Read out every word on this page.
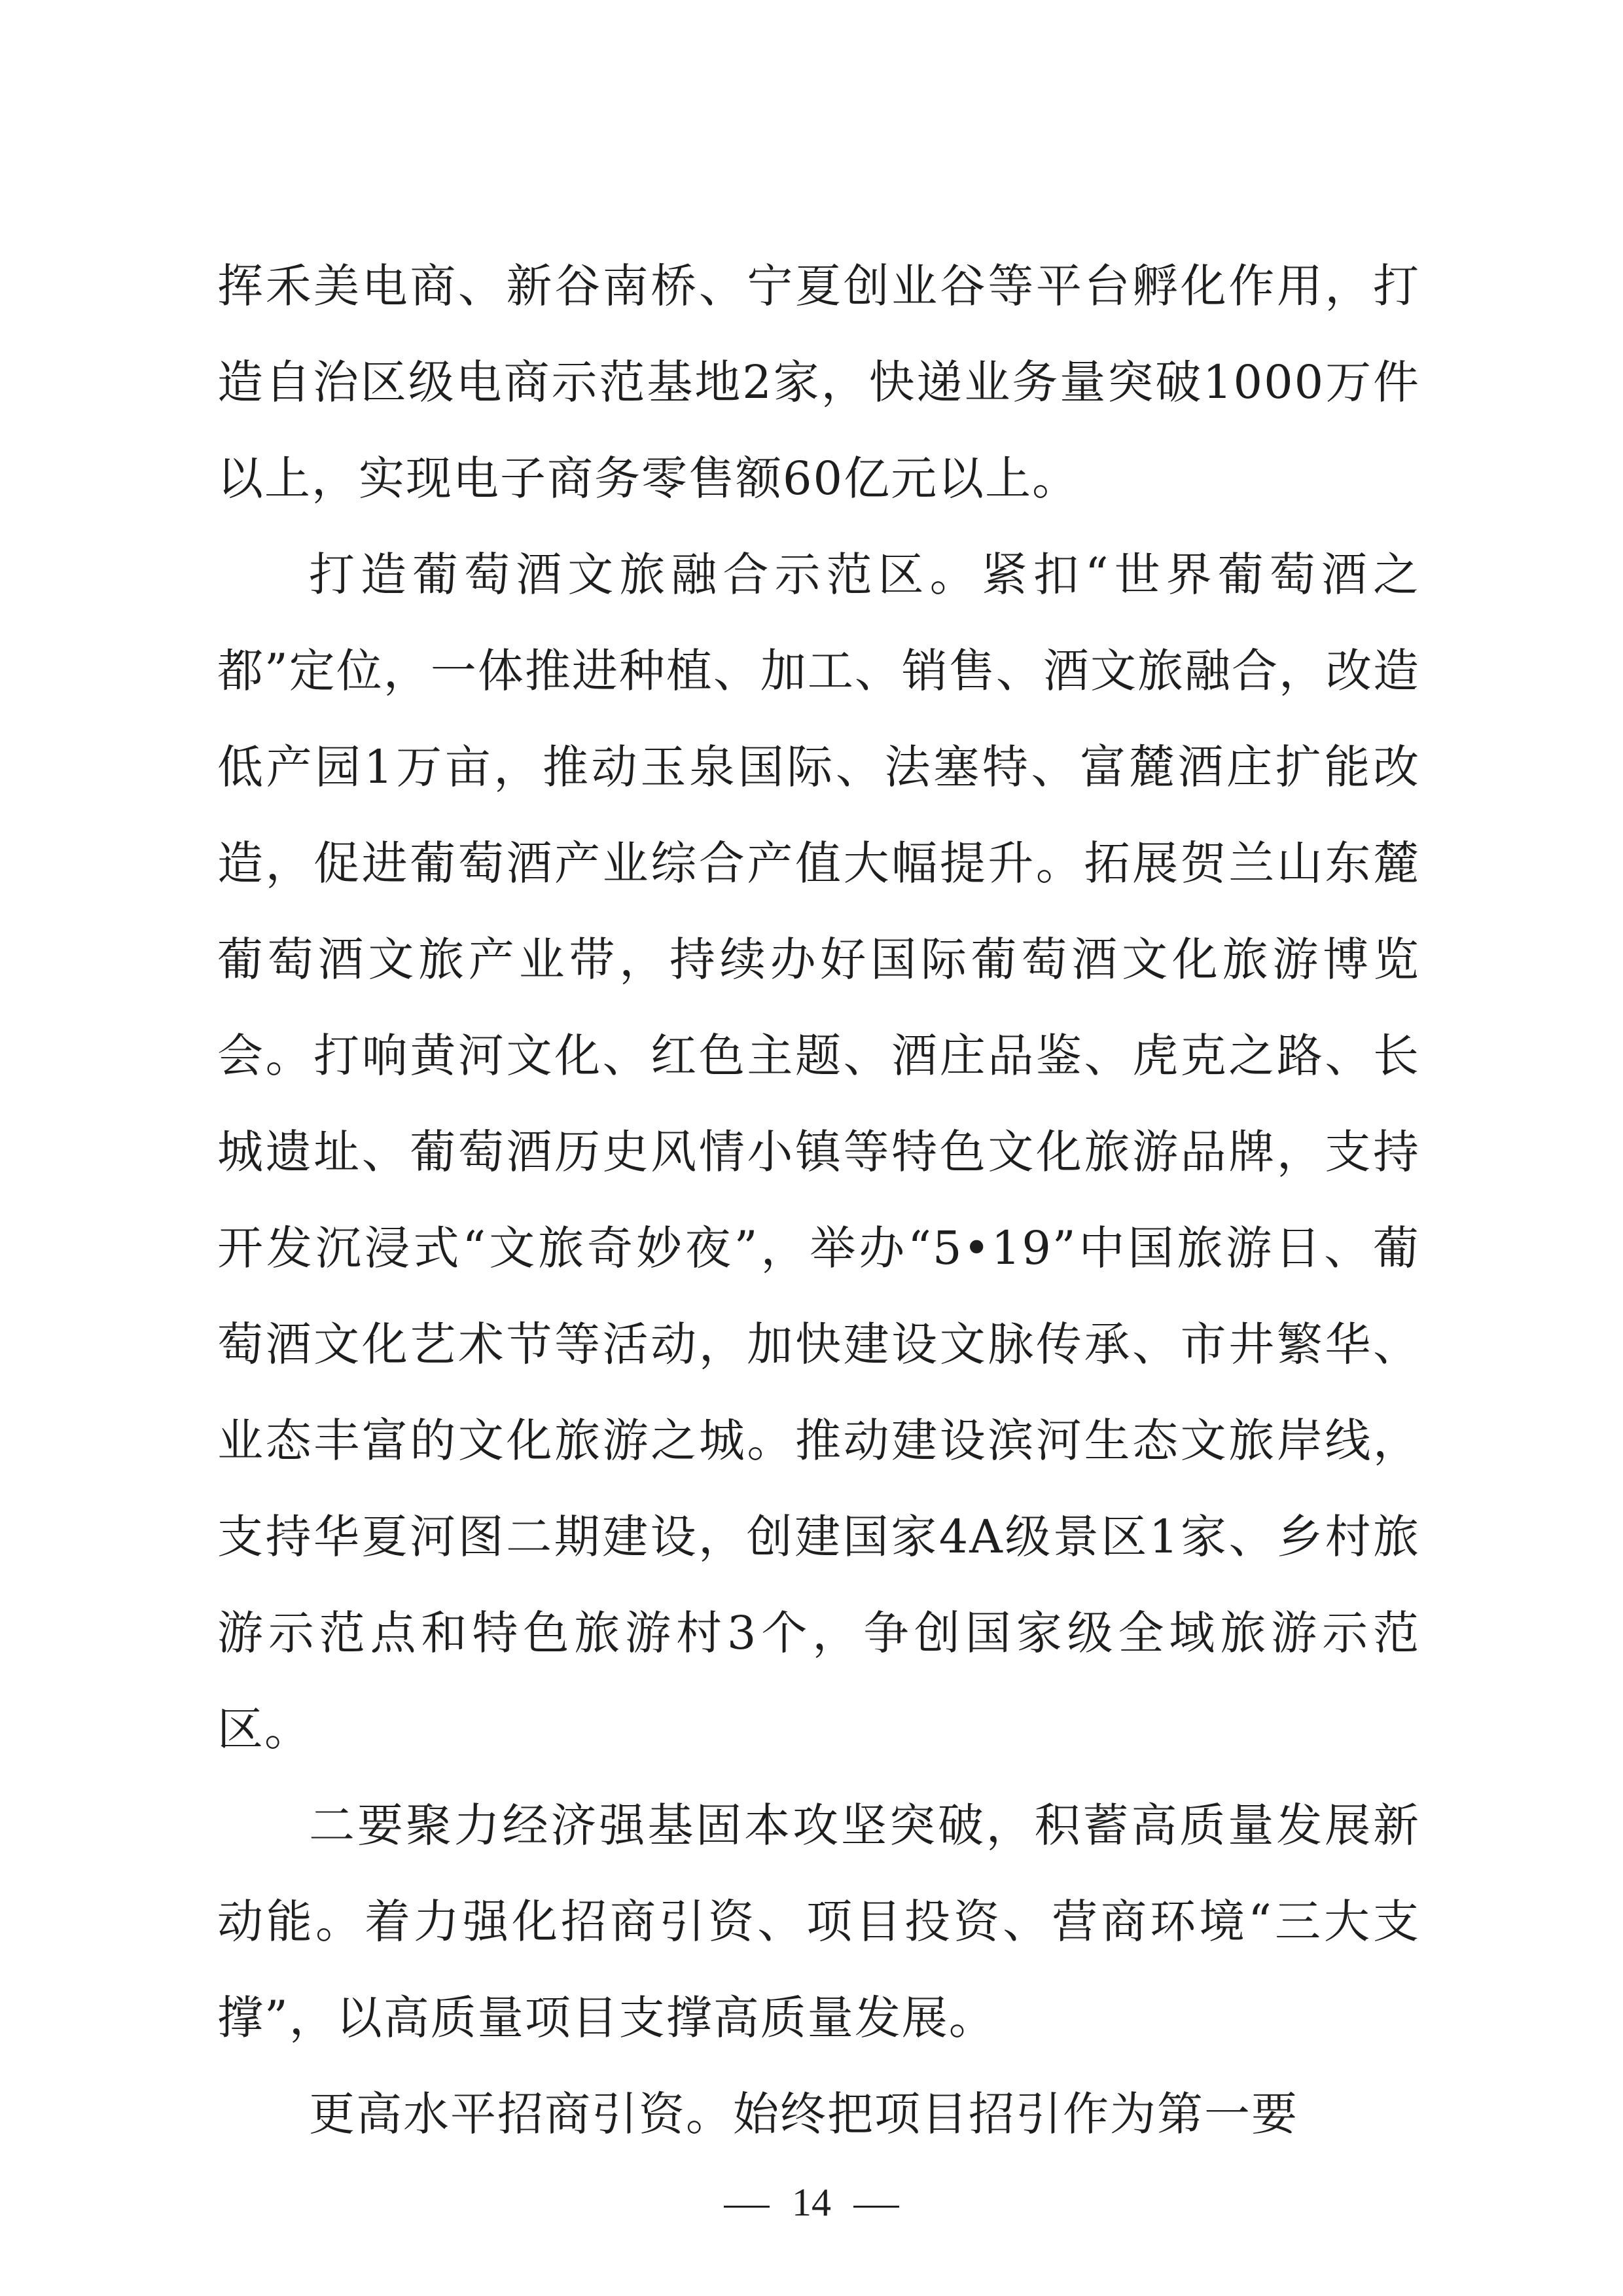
挥禾美电商、新谷南桥、宁夏创业谷等平台孵化作用，打造自治区级电商示范基地2家，快递业务量突破1000万件以上，实现电子商务零售额60亿元以上。

打造葡萄酒文旅融合示范区。紧扣“世界葡萄酒之都”定位，一体推进种植、加工、销售、酒文旅融合，改造低产园1万亩，推动玉泉国际、法塞特、富麓酒庄扩能改造，促进葡萄酒产业综合产值大幅提升。拓展贺兰山东麓葡萄酒文旅产业带，持续办好国际葡萄酒文化旅游博览会。打响黄河文化、红色主题、酒庄品鉴、虎克之路、长城遗址、葡萄酒历史风情小镇等特色文化旅游品牌，支持开发沉浸式“文旅奇妙夜”，举办“5•19”中国旅游日、葡萄酒文化艺术节等活动，加快建设文脉传承、市井繁华、业态丰富的文化旅游之城。推动建设滨河生态文旅岸线，支持华夏河图二期建设，创建国家4A级景区1家、乡村旅游示范点和特色旅游村3个，争创国家级全域旅游示范区。

二要聚力经济强基固本攻坚突破，积蓄高质量发展新动能。着力强化招商引资、项目投资、营商环境“三大支撑”，以高质量项目支撑高质量发展。

更高水平招商引资。始终把项目招引作为第一要

14
